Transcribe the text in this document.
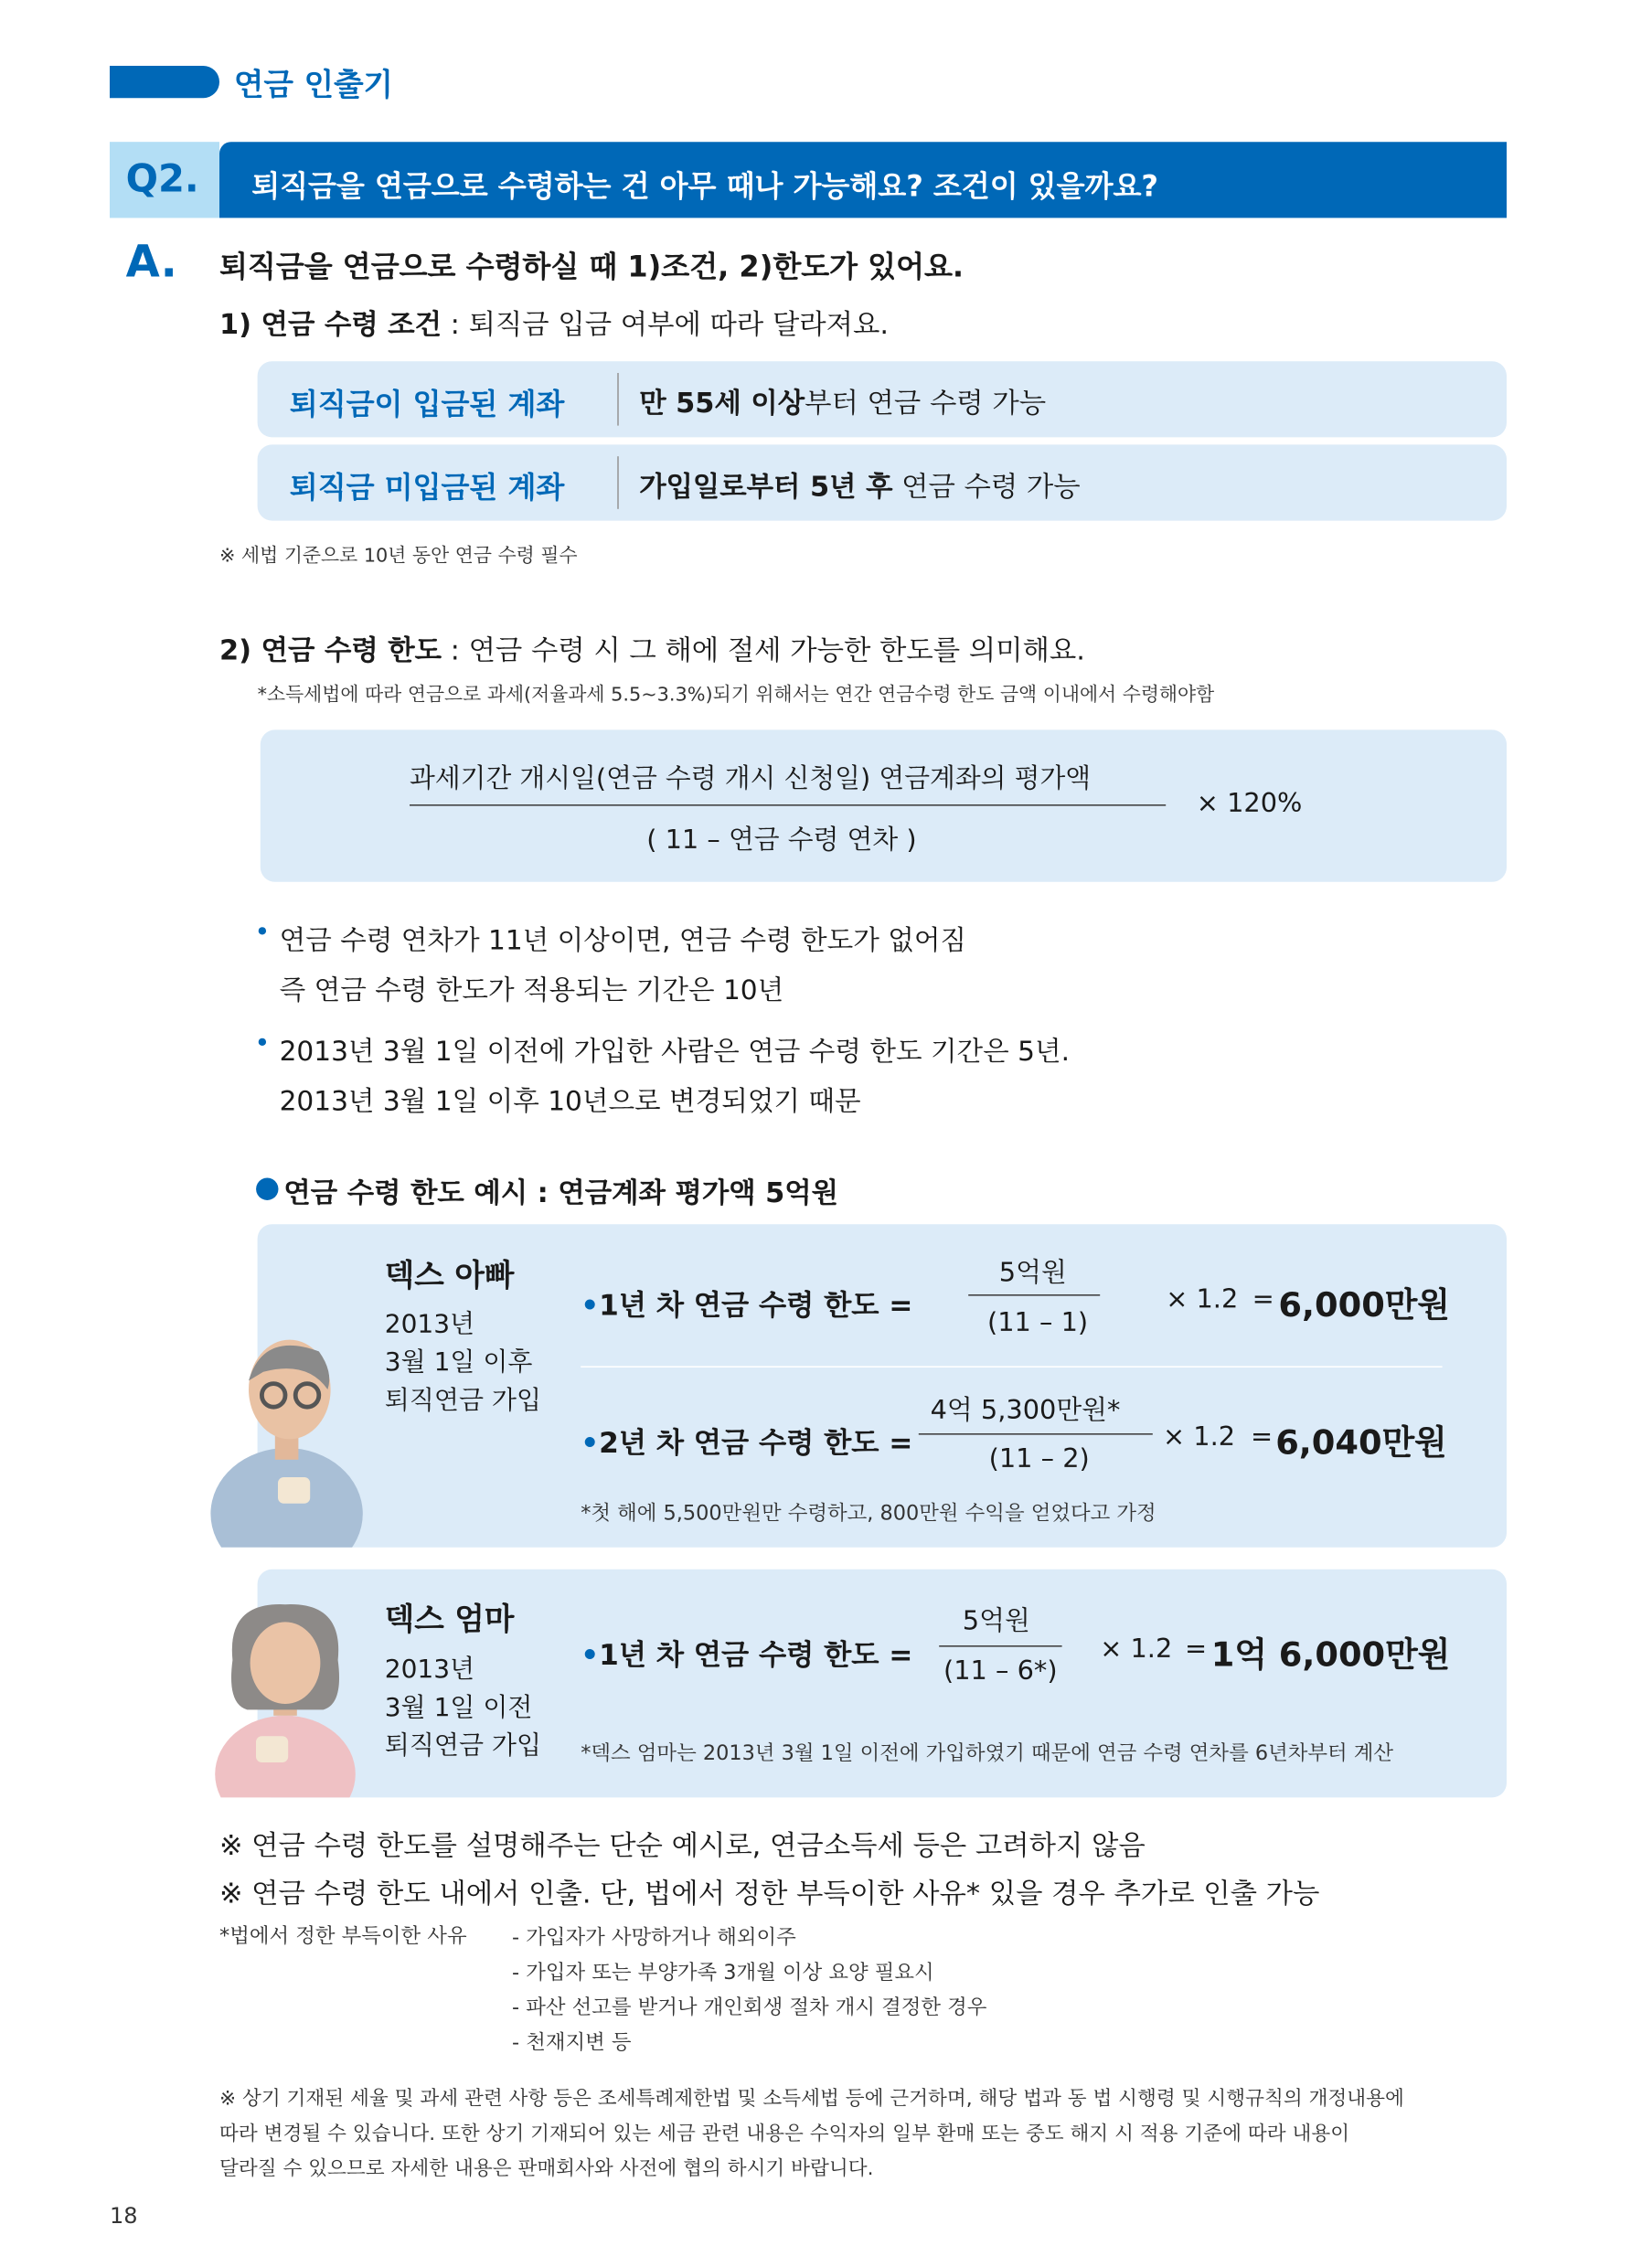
연금 인출기
Q2.	퇴직금을 연금으로 수령하는 건 아무 때나 가능해요? 조건이 있을까요?
A. 퇴직금을 연금으로 수령하실 때 1)조건, 2)한도가 있어요.
1) 연금 수령 조건 : 퇴직금 입금 여부에 따라 달라져요.
퇴직금이 입금된 계좌	만 55세 이상부터 연금 수령 가능
퇴직금 미입금된 계좌	가입일로부터 5년 후 연금 수령 가능
※ 세법 기준으로 10년 동안 연금 수령 필수
2) 연금 수령 한도 : 연금 수령 시 그 해에 절세 가능한 한도를 의미해요.
*소득세법에 따라 연금으로 과세(저율과세 5.5~3.3%)되기 위해서는 연간 연금수령 한도 금액 이내에서 수령해야함
과세기간 개시일(연금 수령 개시 신청일) 연금계좌의 평가액
( 11 – 연금 수령 연차 )
× 120%
• 연금 수령 연차가 11년 이상이면, 연금 수령 한도가 없어짐
즉 연금 수령 한도가 적용되는 기간은 10년
• 2013년 3월 1일 이전에 가입한 사람은 연금 수령 한도 기간은 5년.
2013년 3월 1일 이후 10년으로 변경되었기 때문
● 연금 수령 한도 예시 : 연금계좌 평가액 5억원
덱스 아빠
2013년
3월 1일 이후
퇴직연금 가입
•1년 차 연금 수령 한도 =
5억원
(11 – 1)
× 1.2 = 6,000만원
•2년 차 연금 수령 한도 =
4억 5,300만원*
(11 – 2)
× 1.2 = 6,040만원
*첫 해에 5,500만원만 수령하고, 800만원 수익을 얻었다고 가정
덱스 엄마
2013년
3월 1일 이전
퇴직연금 가입
•1년 차 연금 수령 한도 =
5억원
(11 – 6*)
× 1.2 = 1억 6,000만원
*덱스 엄마는 2013년 3월 1일 이전에 가입하였기 때문에 연금 수령 연차를 6년차부터 계산
※ 연금 수령 한도를 설명해주는 단순 예시로, 연금소득세 등은 고려하지 않음
※ 연금 수령 한도 내에서 인출. 단, 법에서 정한 부득이한 사유* 있을 경우 추가로 인출 가능
*법에서 정한 부득이한 사유	- 가입자가 사망하거나 해외이주
- 가입자 또는 부양가족 3개월 이상 요양 필요시
- 파산 선고를 받거나 개인회생 절차 개시 결정한 경우
- 천재지변 등
※ 상기 기재된 세율 및 과세 관련 사항 등은 조세특례제한법 및 소득세법 등에 근거하며, 해당 법과 동 법 시행령 및 시행규칙의 개정내용에
따라 변경될 수 있습니다. 또한 상기 기재되어 있는 세금 관련 내용은 수익자의 일부 환매 또는 중도 해지 시 적용 기준에 따라 내용이
달라질 수 있으므로 자세한 내용은 판매회사와 사전에 협의 하시기 바랍니다.
18
